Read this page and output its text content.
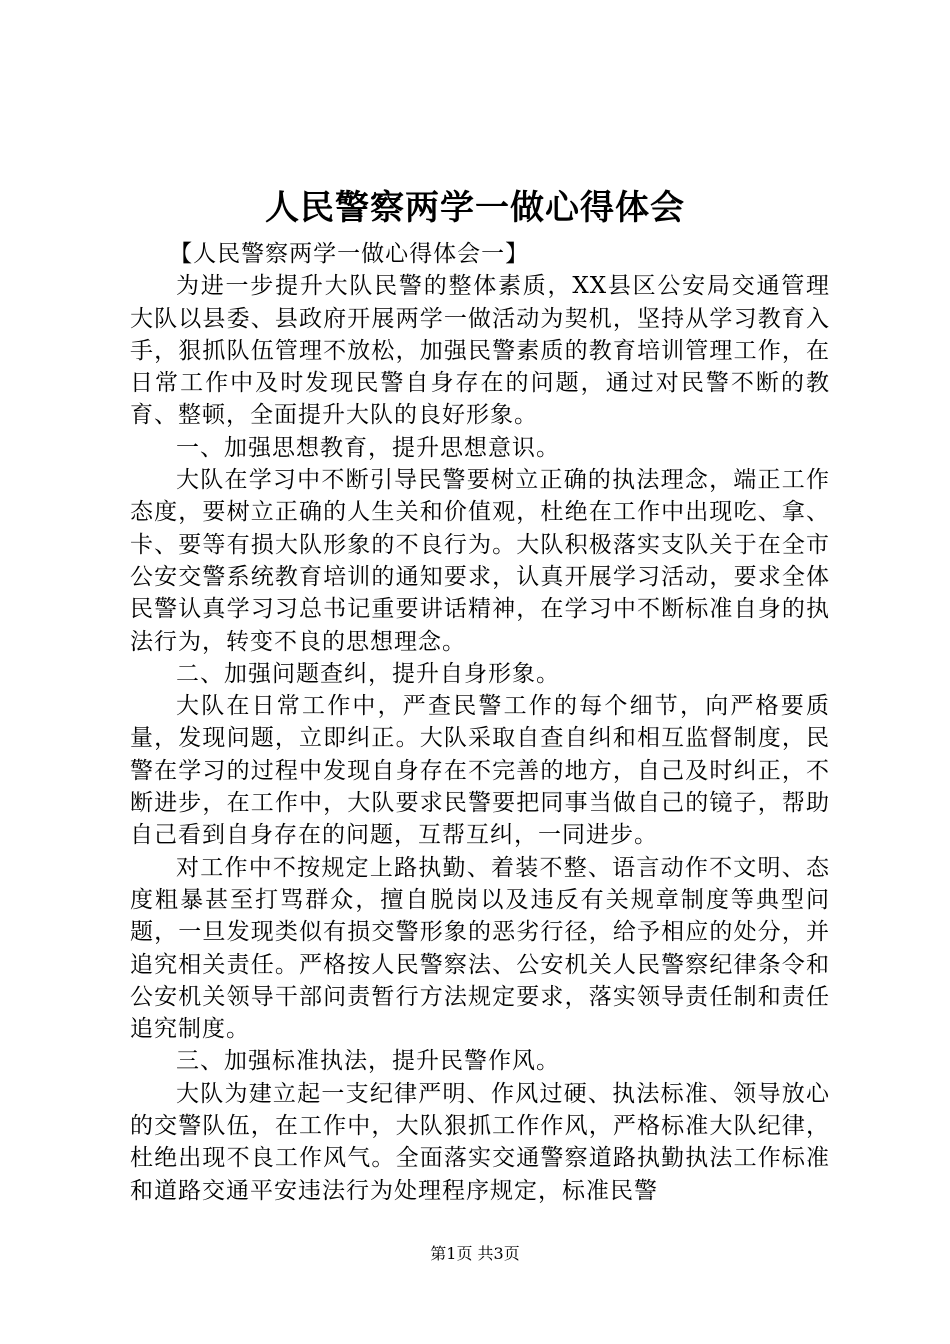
人民警察两学一做心得体会

【人民警察两学一做心得体会一】

为进一步提升大队民警的整体素质，XX县区公安局交通管理大队以县委、县政府开展两学一做活动为契机，坚持从学习教育入手，狠抓队伍管理不放松，加强民警素质的教育培训管理工作，在日常工作中及时发现民警自身存在的问题，通过对民警不断的教育、整顿，全面提升大队的良好形象。

一、加强思想教育，提升思想意识。

大队在学习中不断引导民警要树立正确的执法理念，端正工作态度，要树立正确的人生关和价值观，杜绝在工作中出现吃、拿、卡、要等有损大队形象的不良行为。大队积极落实支队关于在全市公安交警系统教育培训的通知要求，认真开展学习活动，要求全体民警认真学习习总书记重要讲话精神，在学习中不断标准自身的执法行为，转变不良的思想理念。

二、加强问题查纠，提升自身形象。

大队在日常工作中，严查民警工作的每个细节，向严格要质量，发现问题，立即纠正。大队采取自查自纠和相互监督制度，民警在学习的过程中发现自身存在不完善的地方，自己及时纠正，不断进步，在工作中，大队要求民警要把同事当做自己的镜子，帮助自己看到自身存在的问题，互帮互纠，一同进步。

对工作中不按规定上路执勤、着装不整、语言动作不文明、态度粗暴甚至打骂群众，擅自脱岗以及违反有关规章制度等典型问题，一旦发现类似有损交警形象的恶劣行径，给予相应的处分，并追究相关责任。严格按人民警察法、公安机关人民警察纪律条令和公安机关领导干部问责暂行方法规定要求，落实领导责任制和责任追究制度。

三、加强标准执法，提升民警作风。

大队为建立起一支纪律严明、作风过硬、执法标准、领导放心的交警队伍，在工作中，大队狠抓工作作风，严格标准大队纪律，杜绝出现不良工作风气。全面落实交通警察道路执勤执法工作标准和道路交通平安违法行为处理程序规定，标准民警

第1页 共3页
